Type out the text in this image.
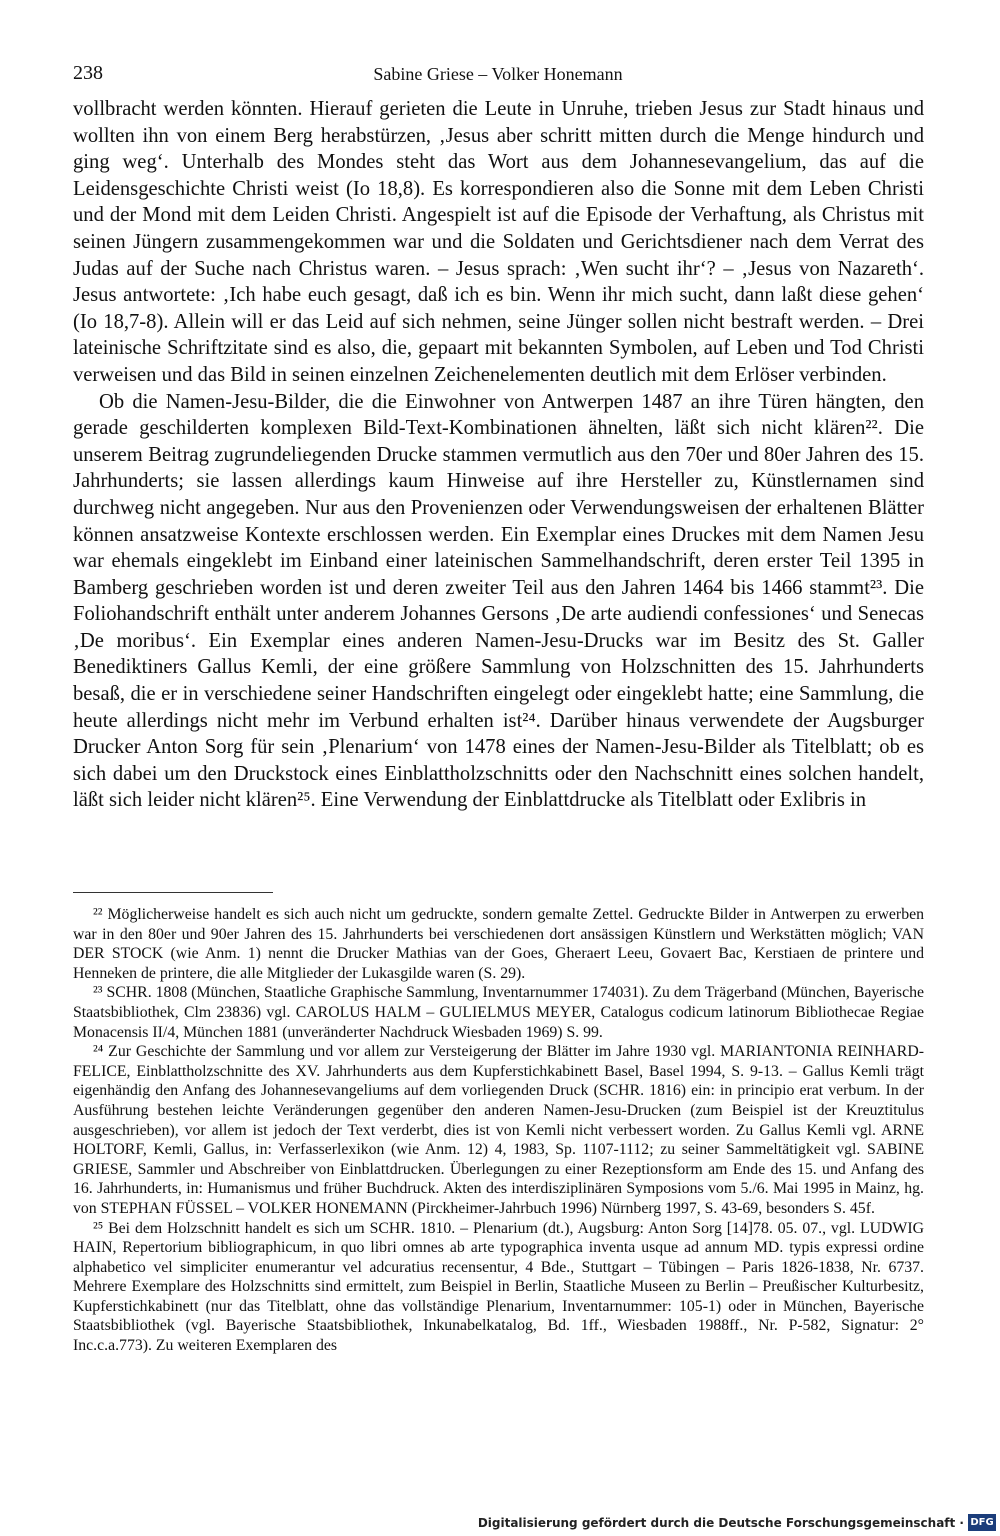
238	Sabine Griese – Volker Honemann

vollbracht werden könnten. Hierauf gerieten die Leute in Unruhe, trieben Jesus zur Stadt hinaus und wollten ihn von einem Berg herabstürzen, ‚Jesus aber schritt mitten durch die Menge hindurch und ging weg‘. Unterhalb des Mondes steht das Wort aus dem Johannesevangelium, das auf die Leidensgeschichte Christi weist (Io 18,8). Es korrespondieren also die Sonne mit dem Leben Christi und der Mond mit dem Leiden Christi. Angespielt ist auf die Episode der Verhaftung, als Christus mit seinen Jüngern zusammengekommen war und die Soldaten und Gerichtsdiener nach dem Verrat des Judas auf der Suche nach Christus waren. – Jesus sprach: ‚Wen sucht ihr‘? – ‚Jesus von Nazareth‘. Jesus antwortete: ‚Ich habe euch gesagt, daß ich es bin. Wenn ihr mich sucht, dann laßt diese gehen‘ (Io 18,7-8). Allein will er das Leid auf sich nehmen, seine Jünger sollen nicht bestraft werden. – Drei lateinische Schriftzitate sind es also, die, gepaart mit bekannten Symbolen, auf Leben und Tod Christi verweisen und das Bild in seinen einzelnen Zeichenelementen deutlich mit dem Erlöser verbinden.

Ob die Namen-Jesu-Bilder, die die Einwohner von Antwerpen 1487 an ihre Türen hängten, den gerade geschilderten komplexen Bild-Text-Kombinationen ähnelten, läßt sich nicht klären²². Die unserem Beitrag zugrundeliegenden Drucke stammen vermutlich aus den 70er und 80er Jahren des 15. Jahrhunderts; sie lassen allerdings kaum Hinweise auf ihre Hersteller zu, Künstlernamen sind durchweg nicht angegeben. Nur aus den Provenienzen oder Verwendungsweisen der erhaltenen Blätter können ansatzweise Kontexte erschlossen werden. Ein Exemplar eines Druckes mit dem Namen Jesu war ehemals eingeklebt im Einband einer lateinischen Sammelhandschrift, deren erster Teil 1395 in Bamberg geschrieben worden ist und deren zweiter Teil aus den Jahren 1464 bis 1466 stammt²³. Die Foliohandschrift enthält unter anderem Johannes Gersons ‚De arte audiendi confessiones‘ und Senecas ‚De moribus‘. Ein Exemplar eines anderen Namen-Jesu-Drucks war im Besitz des St. Galler Benediktiners Gallus Kemli, der eine größere Sammlung von Holzschnitten des 15. Jahrhunderts besaß, die er in verschiedene seiner Handschriften eingelegt oder eingeklebt hatte; eine Sammlung, die heute allerdings nicht mehr im Verbund erhalten ist²⁴. Darüber hinaus verwendete der Augsburger Drucker Anton Sorg für sein ‚Plenarium‘ von 1478 eines der Namen-Jesu-Bilder als Titelblatt; ob es sich dabei um den Druckstock eines Einblattholzschnitts oder den Nachschnitt eines solchen handelt, läßt sich leider nicht klären²⁵. Eine Verwendung der Einblattdrucke als Titelblatt oder Exlibris in

²² Möglicherweise handelt es sich auch nicht um gedruckte, sondern gemalte Zettel. Gedruckte Bilder in Antwerpen zu erwerben war in den 80er und 90er Jahren des 15. Jahrhunderts bei verschiedenen dort ansässigen Künstlern und Werkstätten möglich; VAN DER STOCK (wie Anm. 1) nennt die Drucker Mathias van der Goes, Gheraert Leeu, Govaert Bac, Kerstiaen de printere und Henneken de printere, die alle Mitglieder der Lukasgilde waren (S. 29).

²³ SCHR. 1808 (München, Staatliche Graphische Sammlung, Inventarnummer 174031). Zu dem Trägerband (München, Bayerische Staatsbibliothek, Clm 23836) vgl. CAROLUS HALM – GULIELMUS MEYER, Catalogus codicum latinorum Bibliothecae Regiae Monacensis II/4, München 1881 (unveränderter Nachdruck Wiesbaden 1969) S. 99.

²⁴ Zur Geschichte der Sammlung und vor allem zur Versteigerung der Blätter im Jahre 1930 vgl. MARIANTONIA REINHARD-FELICE, Einblattholzschnitte des XV. Jahrhunderts aus dem Kupferstichkabinett Basel, Basel 1994, S. 9-13. – Gallus Kemli trägt eigenhändig den Anfang des Johannesevangeliums auf dem vorliegenden Druck (SCHR. 1816) ein: in principio erat verbum. In der Ausführung bestehen leichte Veränderungen gegenüber den anderen Namen-Jesu-Drucken (zum Beispiel ist der Kreuztitulus ausgeschrieben), vor allem ist jedoch der Text verderbt, dies ist von Kemli nicht verbessert worden. Zu Gallus Kemli vgl. ARNE HOLTORF, Kemli, Gallus, in: Verfasserlexikon (wie Anm. 12) 4, 1983, Sp. 1107-1112; zu seiner Sammeltätigkeit vgl. SABINE GRIESE, Sammler und Abschreiber von Einblattdrucken. Überlegungen zu einer Rezeptionsform am Ende des 15. und Anfang des 16. Jahrhunderts, in: Humanismus und früher Buchdruck. Akten des interdisziplinären Symposions vom 5./6. Mai 1995 in Mainz, hg. von STEPHAN FÜSSEL – VOLKER HONEMANN (Pirckheimer-Jahrbuch 1996) Nürnberg 1997, S. 43-69, besonders S. 45f.

²⁵ Bei dem Holzschnitt handelt es sich um SCHR. 1810. – Plenarium (dt.), Augsburg: Anton Sorg [14]78. 05. 07., vgl. LUDWIG HAIN, Repertorium bibliographicum, in quo libri omnes ab arte typographica inventa usque ad annum MD. typis expressi ordine alphabetico vel simpliciter enumerantur vel adcuratius recensentur, 4 Bde., Stuttgart – Tübingen – Paris 1826-1838, Nr. 6737. Mehrere Exemplare des Holzschnitts sind ermittelt, zum Beispiel in Berlin, Staatliche Museen zu Berlin – Preußischer Kulturbesitz, Kupferstichkabinett (nur das Titelblatt, ohne das vollständige Plenarium, Inventarnummer: 105-1) oder in München, Bayerische Staatsbibliothek (vgl. Bayerische Staatsbibliothek, Inkunabelkatalog, Bd. 1ff., Wiesbaden 1988ff., Nr. P-582, Signatur: 2° Inc.c.a.773). Zu weiteren Exemplaren des

Digitalisierung gefördert durch die Deutsche Forschungsgemeinschaft · DFG
